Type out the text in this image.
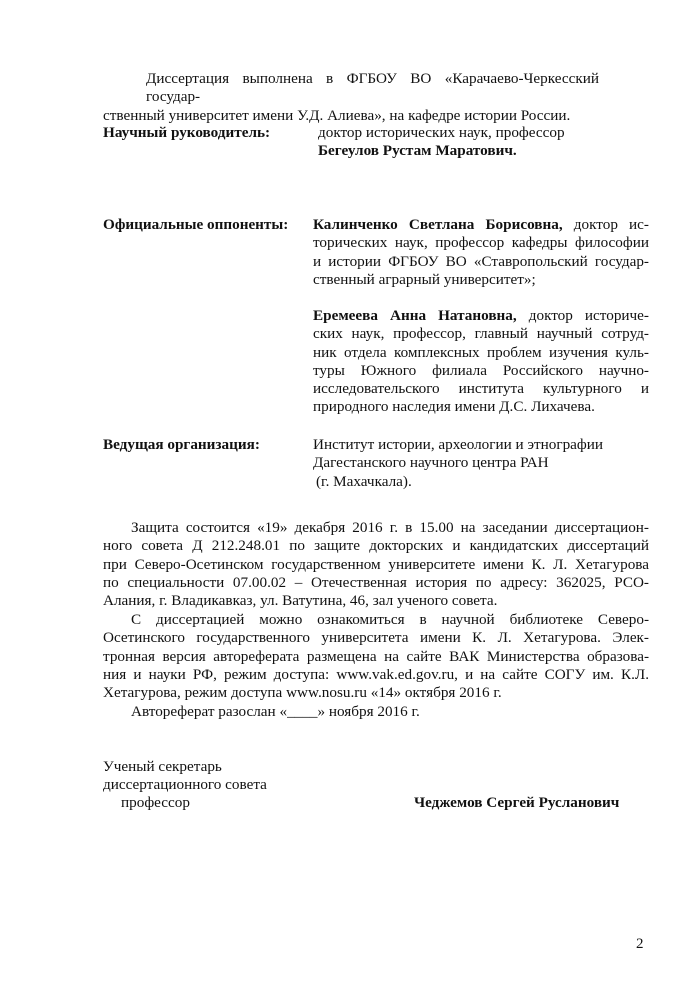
Диссертация выполнена в ФГБОУ ВО «Карачаево-Черкесский государ-
ственный университет имени У.Д. Алиева», на кафедре истории России.
Научный руководитель:	доктор исторических наук, профессор
Бегеулов Рустам Маратович.
Официальные оппоненты: Калинченко Светлана Борисовна, доктор ис-
торических наук, профессор кафедры философии
и истории ФГБОУ ВО «Ставропольский государ-
ственный аграрный университет»;
Еремеева Анна Натановна, доктор историче-
ских наук, профессор, главный научный сотруд-
ник отдела комплексных проблем изучения куль-
туры Южного филиала Российского научно-
исследовательского института культурного и
природного наследия имени Д.С. Лихачева.
Ведущая организация:	Институт истории, археологии и этнографии
Дагестанского научного центра РАН
(г. Махачкала).
Защита состоится «19» декабря 2016 г. в 15.00 на заседании диссертацион-
ного совета Д 212.248.01 по защите докторских и кандидатских диссертаций
при Северо-Осетинском государственном университете имени К. Л. Хетагурова
по специальности 07.00.02 – Отечественная история по адресу: 362025, РСО-
Алания, г. Владикавказ, ул. Ватутина, 46, зал ученого совета.
С диссертацией можно ознакомиться в научной библиотеке Северо-
Осетинского государственного университета имени К. Л. Хетагурова. Элек-
тронная версия автореферата размещена на сайте ВАК Министерства образова-
ния и науки РФ, режим доступа: www.vak.ed.gov.ru, и на сайте СОГУ им. К.Л.
Хетагурова, режим доступа www.nosu.ru «14» октября 2016 г.
Автореферат разослан «____» ноября 2016 г.
Ученый секретарь
диссертационного совета
профессор	Чеджемов Сергей Русланович
2
